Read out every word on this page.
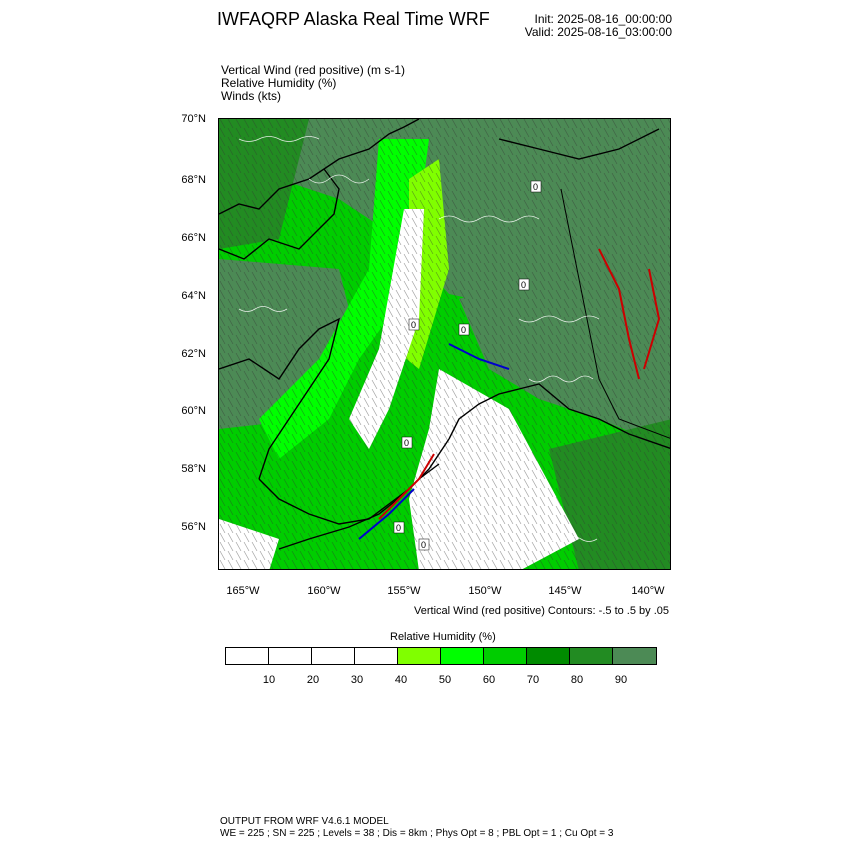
IWFAQRP Alaska Real Time WRF	Init: 2025-08-16_00:00:00
Valid: 2025-08-16_03:00:00
Vertical Wind (red positive) (m s-1)
Relative Humidity (%)
Winds (kts)
0	0
0
0
0
0
0
70°N
68°N
66°N
64°N
62°N
60°N
58°N
56°N
165°W	160°W	155°W	150°W	145°W	140°W
Vertical Wind (red positive) Contours: -.5 to .5 by .05
Relative Humidity (%)
10	20	30	40	50	60	70	80	90
OUTPUT FROM WRF V4.6.1 MODEL
WE = 225 ; SN = 225 ; Levels = 38 ; Dis = 8km ; Phys Opt = 8 ; PBL Opt = 1 ; Cu Opt = 3
